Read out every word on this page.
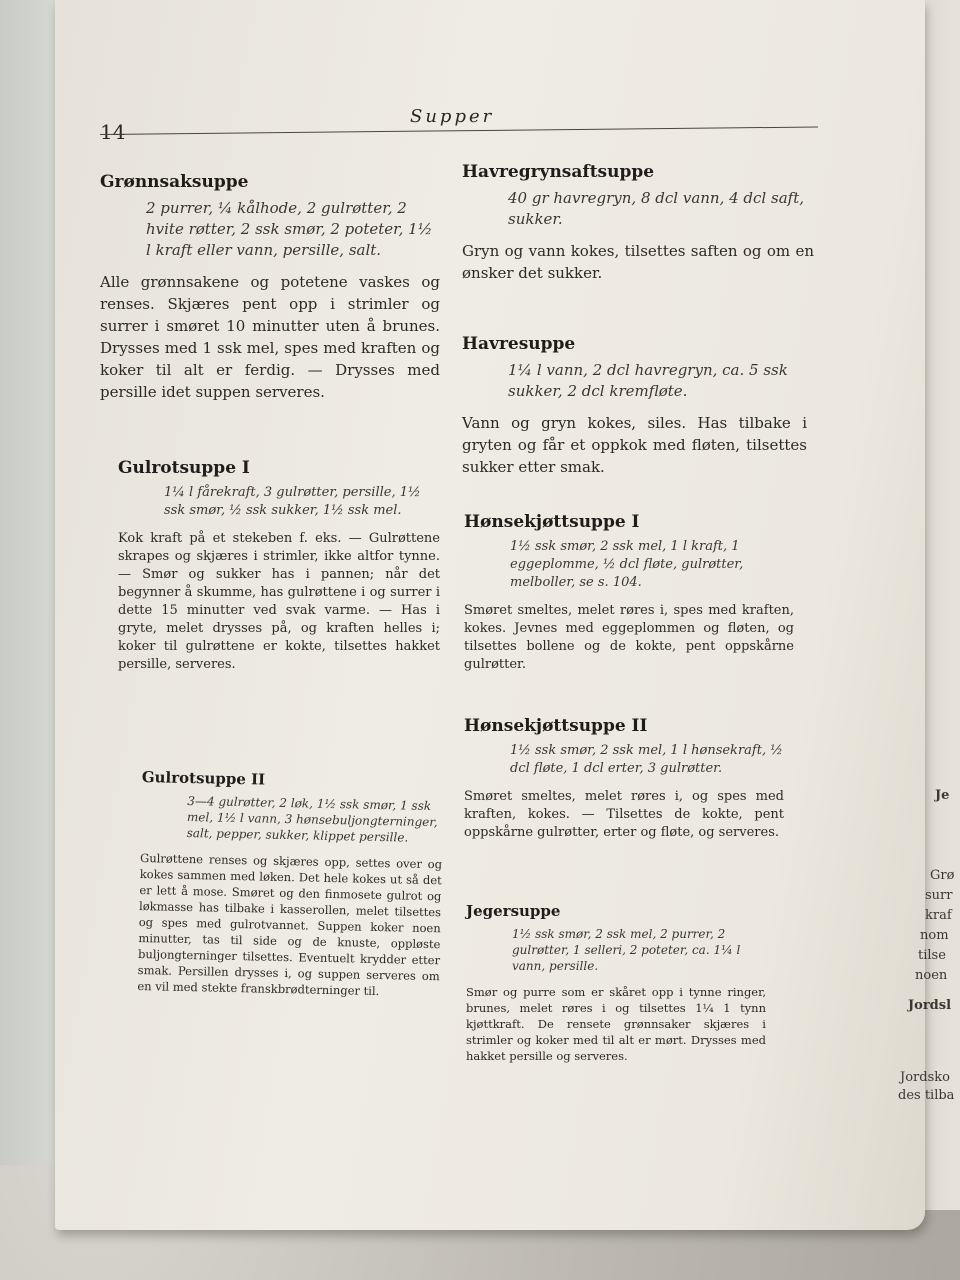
14
Supper
Grønnsaksuppe

2 purrer, ¼ kålhode, 2 gulrøtter, 2 hvite røtter, 2 ssk smør, 2 poteter, 1½ l kraft eller vann, persille, salt.

Alle grønnsakene og potetene vaskes og renses. Skjæres pent opp i strimler og surrer i smøret 10 minutter uten å brunes. Drysses med 1 ssk mel, spes med kraften og koker til alt er ferdig. — Drysses med persille idet suppen serveres.

Gulrotsuppe I

1¼ l fårekraft, 3 gulrøtter, persille, 1½ ssk smør, ½ ssk sukker, 1½ ssk mel.

Kok kraft på et stekeben f. eks. — Gulrøttene skrapes og skjæres i strimler, ikke altfor tynne. — Smør og sukker has i pannen; når det begynner å skumme, has gulrøttene i og surrer i dette 15 minutter ved svak varme. — Has i gryte, melet drysses på, og kraften helles i; koker til gulrøttene er kokte, tilsettes hakket persille, serveres.

Gulrotsuppe II

3—4 gulrøtter, 2 løk, 1½ ssk smør, 1 ssk mel, 1½ l vann, 3 hønsebuljongterninger, salt, pepper, sukker, klippet persille.

Gulrøttene renses og skjæres opp, settes over og kokes sammen med løken. Det hele kokes ut så det er lett å mose. Smøret og den finmosete gulrot og løkmasse has tilbake i kasserollen, melet tilsettes og spes med gulrotvannet. Suppen koker noen minutter, tas til side og de knuste, oppløste buljongterninger tilsettes. Eventuelt krydder etter smak. Persillen drysses i, og suppen serveres om en vil med stekte franskbrødterninger til.

Havregrynsaftsuppe

40 gr havregryn, 8 dcl vann, 4 dcl saft, sukker.

Gryn og vann kokes, tilsettes saften og om en ønsker det sukker.

Havresuppe

1¼ l vann, 2 dcl havregryn, ca. 5 ssk sukker, 2 dcl kremfløte.

Vann og gryn kokes, siles. Has tilbake i gryten og får et oppkok med fløten, tilsettes sukker etter smak.

Hønsekjøttsuppe I

1½ ssk smør, 2 ssk mel, 1 l kraft, 1 eggeplomme, ½ dcl fløte, gulrøtter, melboller, se s. 104.

Smøret smeltes, melet røres i, spes med kraften, kokes. Jevnes med eggeplommen og fløten, og tilsettes bollene og de kokte, pent oppskårne gulrøtter.

Hønsekjøttsuppe II

1½ ssk smør, 2 ssk mel, 1 l hønsekraft, ½ dcl fløte, 1 dcl erter, 3 gulrøtter.

Smøret smeltes, melet røres i, og spes med kraften, kokes. — Tilsettes de kokte, pent oppskårne gulrøtter, erter og fløte, og serveres.

Jegersuppe

1½ ssk smør, 2 ssk mel, 2 purrer, 2 gulrøtter, 1 selleri, 2 poteter, ca. 1¼ l vann, persille.

Smør og purre som er skåret opp i tynne ringer, brunes, melet røres i og tilsettes 1¼ 1 tynn kjøttkraft. De rensete grønnsaker skjæres i strimler og koker med til alt er mørt. Drysses med hakket persille og serveres.

Je
Grø
surr
kraf
nom
tilse
noen
Jordsl
Jordsko
des tilba
